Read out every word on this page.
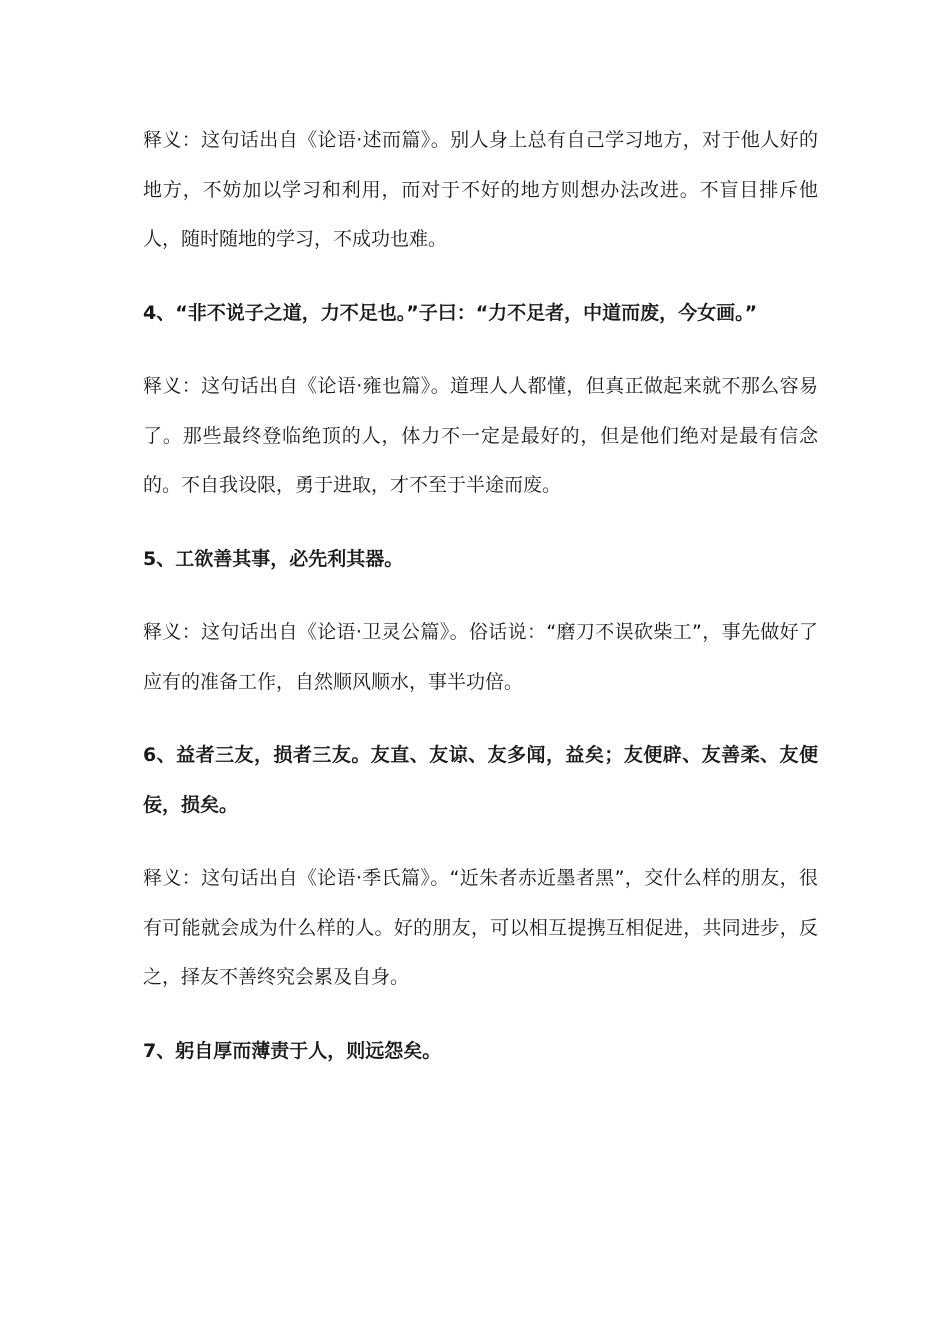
释义：这句话出自《论语·述而篇》。别人身上总有自己学习地方，对于他人好的地方，不妨加以学习和利用，而对于不好的地方则想办法改进。不盲目排斥他人，随时随地的学习，不成功也难。

4、“非不说子之道，力不足也。”子曰：“力不足者，中道而废，今女画。”

释义：这句话出自《论语·雍也篇》。道理人人都懂，但真正做起来就不那么容易了。那些最终登临绝顶的人，体力不一定是最好的，但是他们绝对是最有信念的。不自我设限，勇于进取，才不至于半途而废。

5、工欲善其事，必先利其器。

释义：这句话出自《论语·卫灵公篇》。俗话说：“磨刀不误砍柴工”，事先做好了应有的准备工作，自然顺风顺水，事半功倍。

6、益者三友，损者三友。友直、友谅、友多闻，益矣；友便辟、友善柔、友便佞，损矣。

释义：这句话出自《论语·季氏篇》。“近朱者赤近墨者黑”，交什么样的朋友，很有可能就会成为什么样的人。好的朋友，可以相互提携互相促进，共同进步，反之，择友不善终究会累及自身。

7、躬自厚而薄责于人，则远怨矣。
